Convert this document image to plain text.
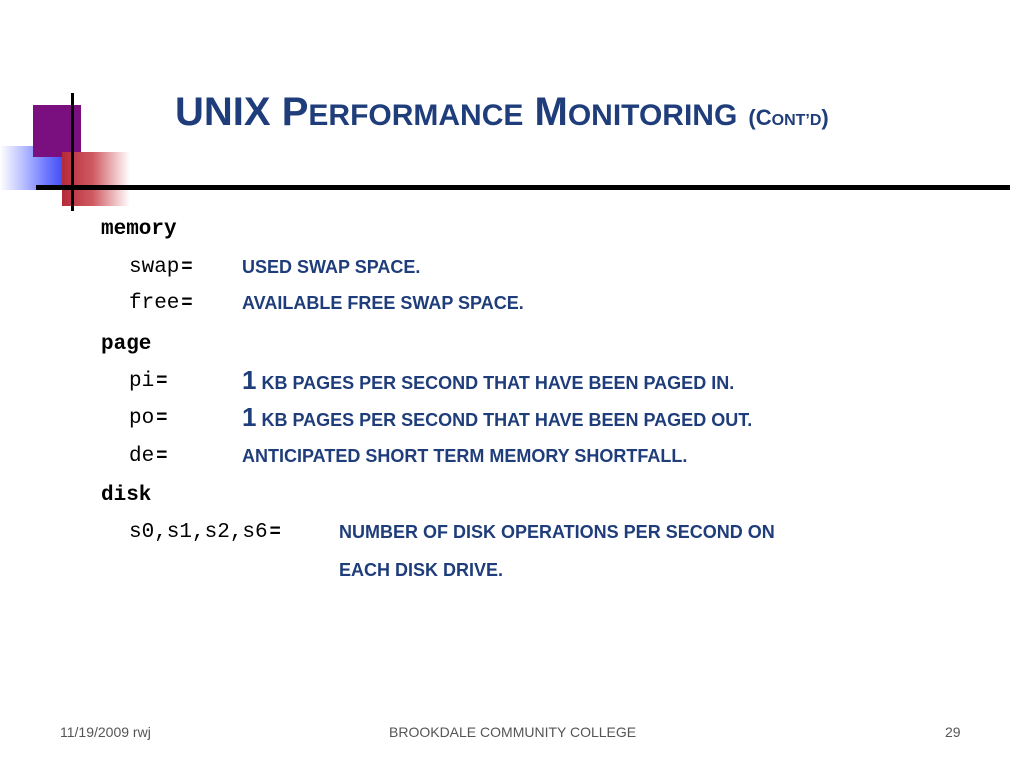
UNIX PERFORMANCE MONITORING (CONT’D)
memory
swap =	USED SWAP SPACE.
free =	AVAILABLE FREE SWAP SPACE.
page
pi =	1 KB PAGES PER SECOND THAT HAVE BEEN PAGED IN.
po =	1 KB PAGES PER SECOND THAT HAVE BEEN PAGED OUT.
de =	ANTICIPATED SHORT TERM MEMORY SHORTFALL.
disk
s0,s1,s2,s6 =	NUMBER OF DISK OPERATIONS PER SECOND ON
EACH DISK DRIVE.
11/19/2009 rwj	BROOKDALE COMMUNITY COLLEGE	29
